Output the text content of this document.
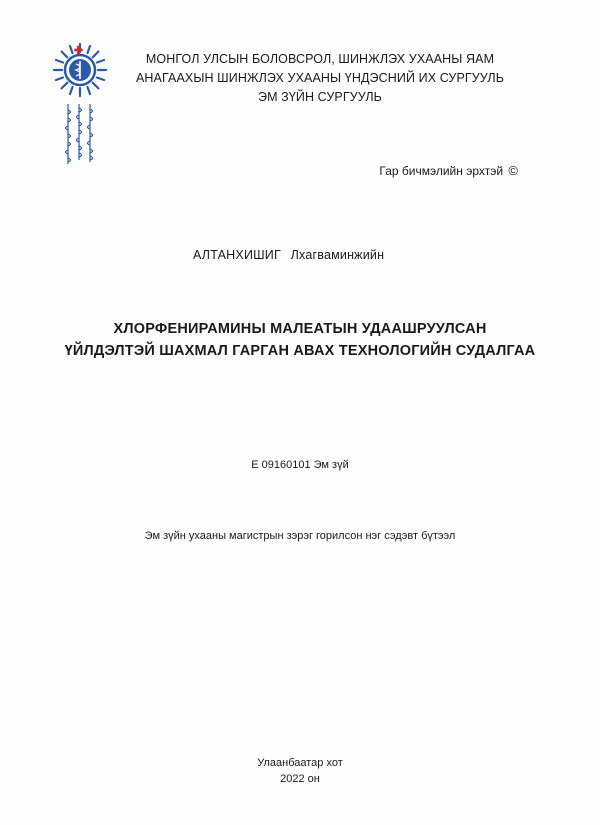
МОНГОЛ УЛСЫН БОЛОВСРОЛ, ШИНЖЛЭХ УХААНЫ ЯАМ
АНАГААХЫН ШИНЖЛЭХ УХААНЫ ҮНДЭСНИЙ ИХ СУРГУУЛЬ
ЭМ ЗҮЙН СУРГУУЛЬ
Гар бичмэлийн эрхтэй ©
АЛТАНХИШИГ Лхагваминжийн
ХЛОРФЕНИРАМИНЫ МАЛЕАТЫН УДААШРУУЛСАН
ҮЙЛДЭЛТЭЙ ШАХМАЛ ГАРГАН АВАХ ТЕХНОЛОГИЙН СУДАЛГАА
Е 09160101 Эм зүй
Эм зүйн ухааны магистрын зэрэг горилсон нэг сэдэвт бүтээл
Улаанбаатар хот
2022 он
